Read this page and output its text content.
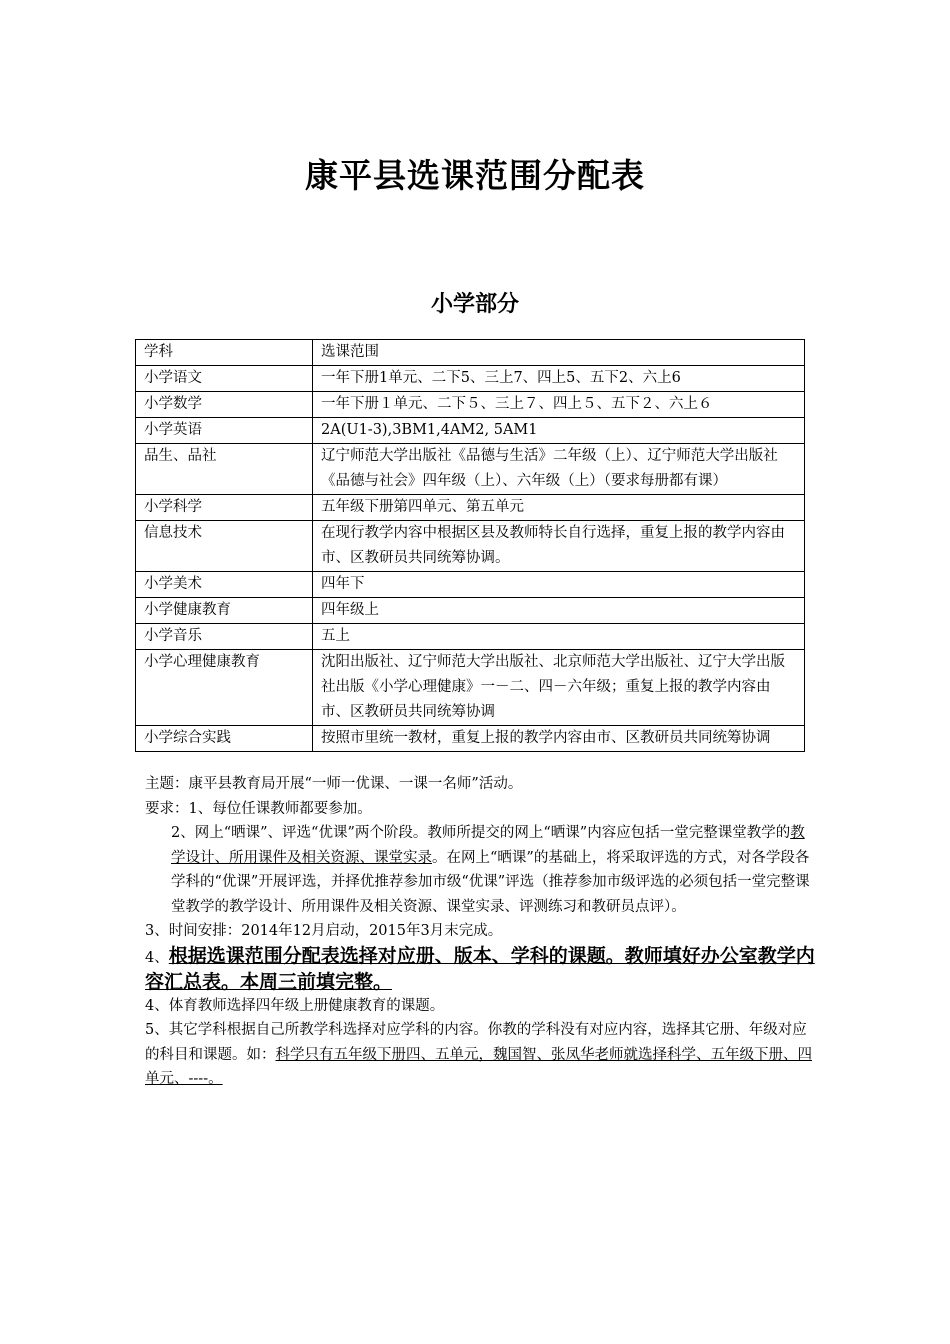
康平县选课范围分配表
小学部分
学科	选课范围
小学语文	一年下册1单元、二下5、三上7、四上5、五下2、六上6
小学数学	一年下册１单元、二下５、三上７、四上５、五下２、六上６
小学英语	2A(U1-3),3BM1,4AM2, 5AM1
品生、品社	辽宁师范大学出版社《品德与生活》二年级（上）、辽宁师范大学出版社《品德与社会》四年级（上）、六年级（上）（要求每册都有课）
小学科学	五年级下册第四单元、第五单元
信息技术	在现行教学内容中根据区县及教师特长自行选择，重复上报的教学内容由市、区教研员共同统筹协调。
小学美术	四年下
小学健康教育	四年级上
小学音乐	五上
小学心理健康教育	沈阳出版社、辽宁师范大学出版社、北京师范大学出版社、辽宁大学出版社出版《小学心理健康》一－二、四－六年级；重复上报的教学内容由市、区教研员共同统筹协调
小学综合实践	按照市里统一教材，重复上报的教学内容由市、区教研员共同统筹协调

主题：康平县教育局开展“一师一优课、一课一名师”活动。

要求：1、每位任课教师都要参加。

2、网上“晒课”、评选“优课”两个阶段。教师所提交的网上“晒课”内容应包括一堂完整课堂教学的教学设计、所用课件及相关资源、课堂实录。在网上“晒课”的基础上，将采取评选的方式，对各学段各学科的“优课”开展评选，并择优推荐参加市级“优课”评选（推荐参加市级评选的必须包括一堂完整课堂教学的教学设计、所用课件及相关资源、课堂实录、评测练习和教研员点评）。

3、时间安排：2014年12月启动，2015年3月末完成。

4、根据选课范围分配表选择对应册、版本、学科的课题。教师填好办公室教学内容汇总表。本周三前填完整。

4、体育教师选择四年级上册健康教育的课题。

5、其它学科根据自己所教学科选择对应学科的内容。你教的学科没有对应内容，选择其它册、年级对应的科目和课题。如：科学只有五年级下册四、五单元，魏国智、张凤华老师就选择科学、五年级下册、四单元、----。
